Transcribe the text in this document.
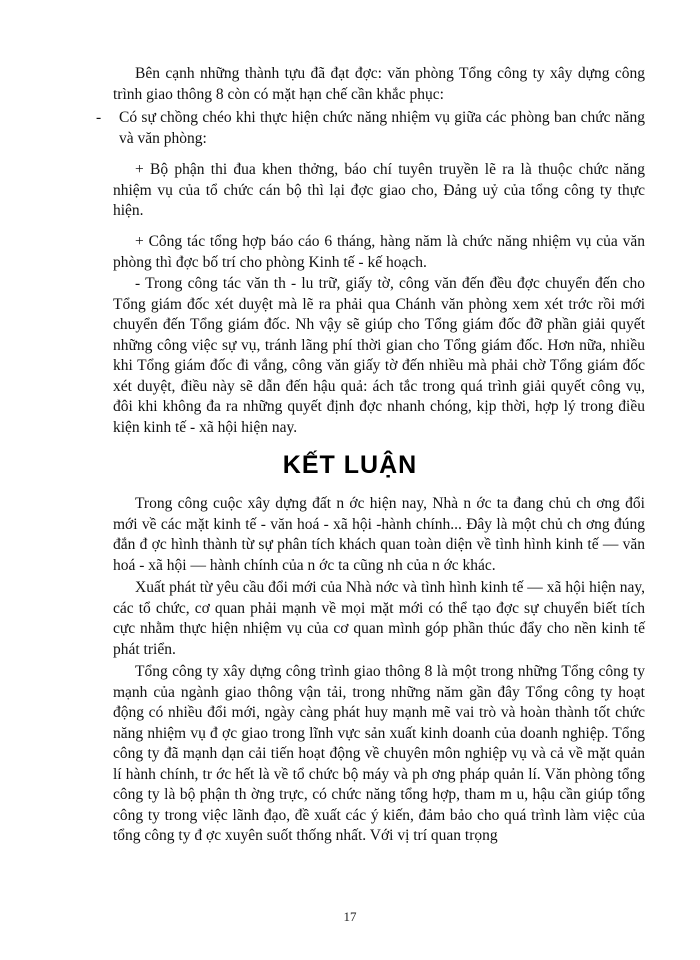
Bên cạnh những thành tựu đã đạt đợc: văn phòng Tổng công ty xây dựng công trình giao thông 8 còn có mặt hạn chế cần khắc phục:
-	Có sự chồng chéo khi thực hiện chức năng nhiệm vụ giữa các phòng ban chức năng và văn phòng:
+ Bộ phận thi đua khen thởng, báo chí tuyên truyền lẽ ra là thuộc chức năng nhiệm vụ của tổ chức cán bộ thì lại đợc giao cho, Đảng uỷ của tổng công ty thực hiện.
+ Công tác tổng hợp báo cáo 6 tháng, hàng năm là chức năng nhiệm vụ của văn phòng thì đợc bố trí cho phòng Kinh tế - kế hoạch.
- Trong công tác văn th - lu trữ, giấy tờ, công văn đến đều đợc chuyển đến cho Tổng giám đốc xét duyệt mà lẽ ra phải qua Chánh văn phòng xem xét trớc rồi mới chuyển đến Tổng giám đốc. Nh vậy sẽ giúp cho Tổng giám đốc đỡ phần giải quyết những công việc sự vụ, tránh lãng phí thời gian cho Tổng giám đốc. Hơn nữa, nhiều khi Tổng giám đốc đi vắng, công văn giấy tờ đến nhiều mà phải chờ Tổng giám đốc xét duyệt, điều này sẽ dẫn đến hậu quả: ách tắc trong quá trình giải quyết công vụ, đôi khi không đa ra những quyết định đợc nhanh chóng, kịp thời, hợp lý trong điều kiện kinh tế - xã hội hiện nay.
KẾT LUẬN
Trong công cuộc xây dựng đất n ớc hiện nay, Nhà n ớc ta đang chủ ch ơng đổi mới về các mặt kinh tế - văn hoá - xã hội -hành chính... Đây là một chủ ch ơng đúng đắn đ ợc hình thành từ sự phân tích khách quan toàn diện về tình hình kinh tế — văn hoá - xã hội — hành chính của n ớc ta cũng nh của n ớc khác.
Xuất phát từ yêu cầu đổi mới của Nhà nớc và tình hình kinh tế — xã hội hiện nay, các tổ chức, cơ quan phải mạnh về mọi mặt mới có thể tạo đợc sự chuyển biết tích cực nhằm thực hiện nhiệm vụ của cơ quan mình góp phần thúc đẩy cho nền kinh tế phát triển.
Tổng công ty xây dựng công trình giao thông 8 là một trong những Tổng công ty mạnh của ngành giao thông vận tải, trong những năm gần đây Tổng công ty hoạt động có nhiều đổi mới, ngày càng phát huy mạnh mẽ vai trò và hoàn thành tốt chức năng nhiệm vụ đ ợc giao trong lĩnh vực sản xuất kinh doanh của doanh nghiệp. Tổng công ty đã mạnh dạn cải tiến hoạt động về chuyên môn nghiệp vụ và cả về mặt quản lí hành chính, tr ớc hết là về tổ chức bộ máy và ph ơng pháp quản lí. Văn phòng tổng công ty là bộ phận th ờng trực, có chức năng tổng hợp, tham m u, hậu cần giúp tổng công ty trong việc lãnh đạo, đề xuất các ý kiến, đảm bảo cho quá trình làm việc của tổng công ty đ ợc xuyên suốt thống nhất. Với vị trí quan trọng
17
